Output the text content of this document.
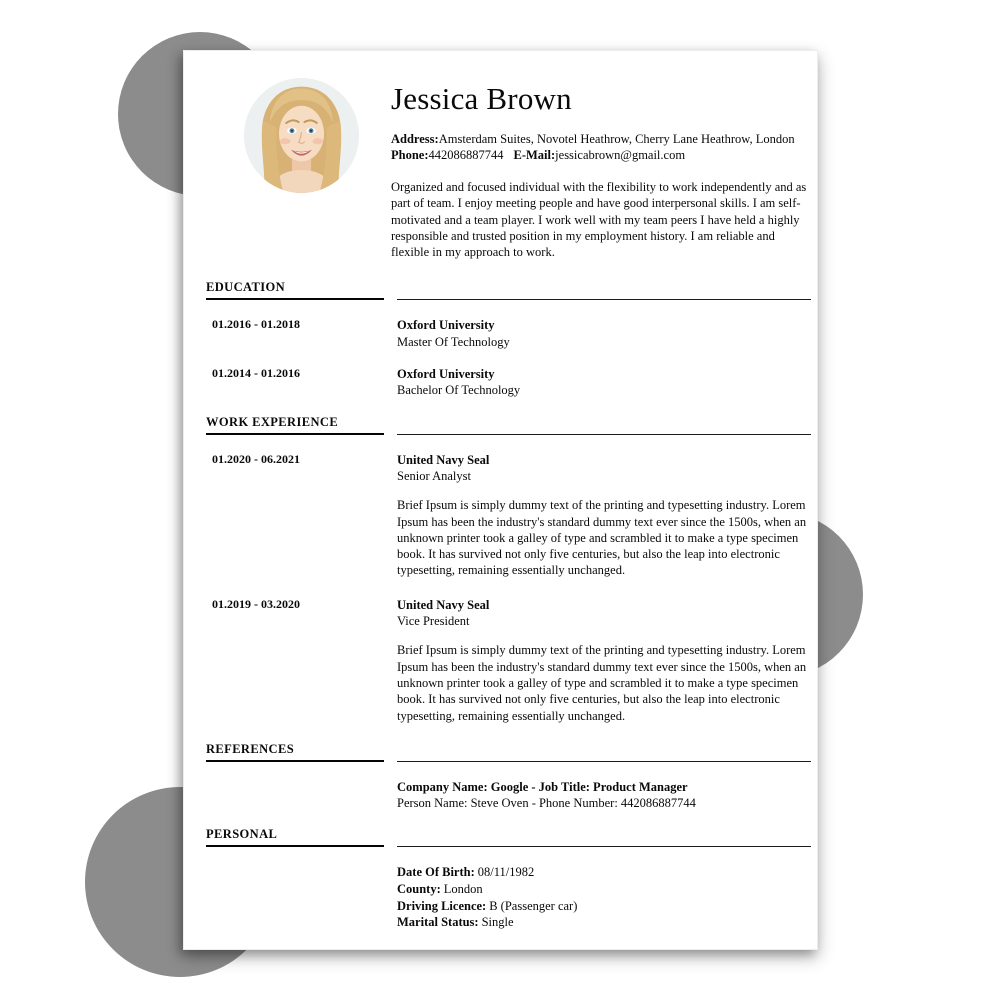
Jessica Brown
Address:Amsterdam Suites, Novotel Heathrow, Cherry Lane Heathrow, London
Phone:442086887744 E-Mail:jessicabrown@gmail.com

Organized and focused individual with the flexibility to work independently and as part of team. I enjoy meeting people and have good interpersonal skills. I am self-motivated and a team player. I work well with my team peers I have held a highly responsible and trusted position in my employment history. I am reliable and flexible in my approach to work.

EDUCATION
01.2016 - 01.2018	Oxford University
Master Of Technology
01.2014 - 01.2016	Oxford University
Bachelor Of Technology
WORK EXPERIENCE
01.2020 - 06.2021	United Navy Seal
Senior Analyst

Brief Ipsum is simply dummy text of the printing and typesetting industry. Lorem Ipsum has been the industry's standard dummy text ever since the 1500s, when an unknown printer took a galley of type and scrambled it to make a type specimen book. It has survived not only five centuries, but also the leap into electronic typesetting, remaining essentially unchanged.

01.2019 - 03.2020	United Navy Seal
Vice President

Brief Ipsum is simply dummy text of the printing and typesetting industry. Lorem Ipsum has been the industry's standard dummy text ever since the 1500s, when an unknown printer took a galley of type and scrambled it to make a type specimen book. It has survived not only five centuries, but also the leap into electronic typesetting, remaining essentially unchanged.

REFERENCES
Company Name: Google - Job Title: Product Manager
Person Name: Steve Oven - Phone Number: 442086887744
PERSONAL
Date Of Birth: 08/11/1982
County: London
Driving Licence: B (Passenger car)
Marital Status: Single
